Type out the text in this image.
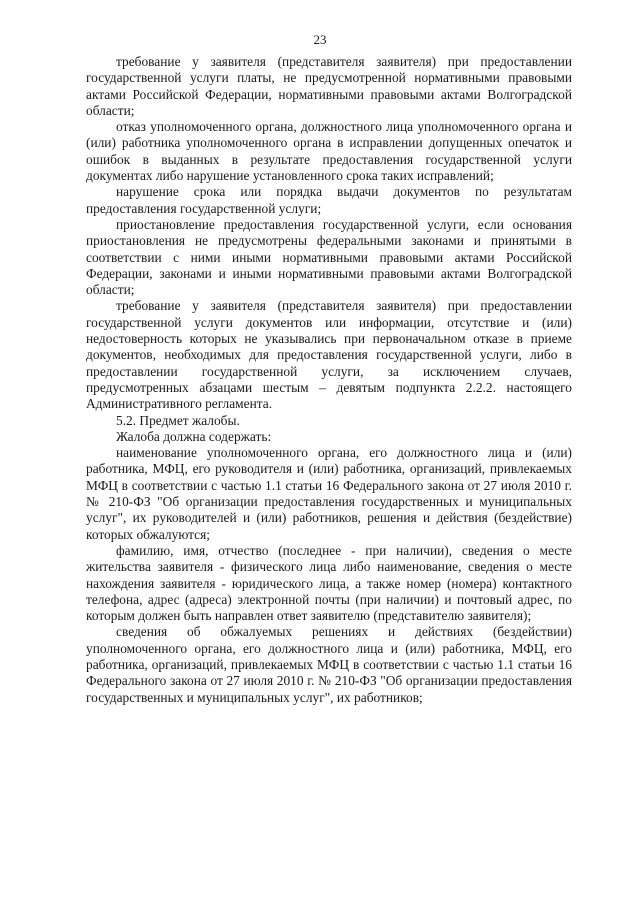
23

требование у заявителя (представителя заявителя) при предоставлении государственной услуги платы, не предусмотренной нормативными правовыми актами Российской Федерации, нормативными правовыми актами Волгоградской области;

отказ уполномоченного органа, должностного лица уполномоченного органа и (или) работника уполномоченного органа в исправлении допущенных опечаток и ошибок в выданных в результате предоставления государственной услуги документах либо нарушение установленного срока таких исправлений;

нарушение срока или порядка выдачи документов по результатам предоставления государственной услуги;

приостановление предоставления государственной услуги, если основания приостановления не предусмотрены федеральными законами и принятыми в соответствии с ними иными нормативными правовыми актами Российской Федерации, законами и иными нормативными правовыми актами Волгоградской области;

требование у заявителя (представителя заявителя) при предоставлении государственной услуги документов или информации, отсутствие и (или) недостоверность которых не указывались при первоначальном отказе в приеме документов, необходимых для предоставления государственной услуги, либо в предоставлении государственной услуги, за исключением случаев, предусмотренных абзацами шестым – девятым подпункта 2.2.2. настоящего Административного регламента.

5.2. Предмет жалобы.

Жалоба должна содержать:

наименование уполномоченного органа, его должностного лица и (или) работника, МФЦ, его руководителя и (или) работника, организаций, привлекаемых МФЦ в соответствии с частью 1.1 статьи 16 Федерального закона от 27 июля 2010 г. № 210-ФЗ "Об организации предоставления государственных и муниципальных услуг", их руководителей и (или) работников, решения и действия (бездействие) которых обжалуются;

фамилию, имя, отчество (последнее - при наличии), сведения о месте жительства заявителя - физического лица либо наименование, сведения о месте нахождения заявителя - юридического лица, а также номер (номера) контактного телефона, адрес (адреса) электронной почты (при наличии) и почтовый адрес, по которым должен быть направлен ответ заявителю (представителю заявителя);

сведения об обжалуемых решениях и действиях (бездействии) уполномоченного органа, его должностного лица и (или) работника, МФЦ, его работника, организаций, привлекаемых МФЦ в соответствии с частью 1.1 статьи 16 Федерального закона от 27 июля 2010 г. № 210-ФЗ "Об организации предоставления государственных и муниципальных услуг", их работников;
